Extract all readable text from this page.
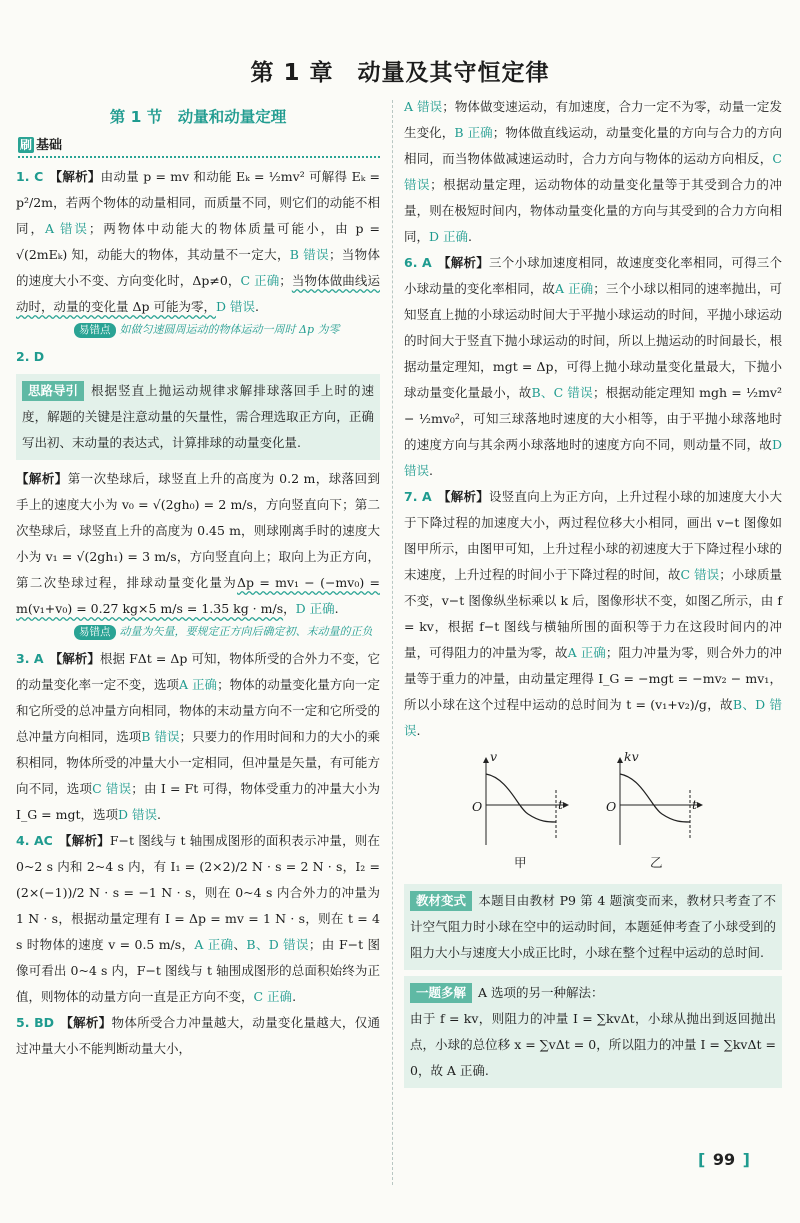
第 1 章　动量及其守恒定律
第 1 节　动量和动量定理
刷 基础

1. C 【解析】由动量 p = mv 和动能 Eₖ = ½mv² 可解得 Eₖ = p²/2m，若两个物体的动量相同，而质量不同，则它们的动能不相同，A 错误；两物体中动能大的物体质量可能小，由 p = √(2mEₖ) 知，动能大的物体，其动量不一定大，B 错误；当物体的速度大小不变、方向变化时，Δp≠0，C 正确；当物体做曲线运动时，动量的变化量 Δp 可能为零，D 错误.

易错点 如做匀速圆周运动的物体运动一周时 Δp 为零

2. D

思路导引 根据竖直上抛运动规律求解排球落回手上时的速度，解题的关键是注意动量的矢量性，需合理选取正方向，正确写出初、末动量的表达式，计算排球的动量变化量.

【解析】第一次垫球后，球竖直上升的高度为 0.2 m，球落回到手上的速度大小为 v₀ = √(2gh₀) = 2 m/s，方向竖直向下；第二次垫球后，球竖直上升的高度为 0.45 m，则球刚离手时的速度大小为 v₁ = √(2gh₁) = 3 m/s，方向竖直向上；取向上为正方向，第二次垫球过程，排球动量变化量为Δp = mv₁ − (−mv₀) = m(v₁+v₀) = 0.27 kg×5 m/s = 1.35 kg · m/s，D 正确.

易错点 动量为矢量，要规定正方向后确定初、末动量的正负

3. A 【解析】根据 FΔt = Δp 可知，物体所受的合外力不变，它的动量变化率一定不变，选项A 正确；物体的动量变化量方向一定和它所受的总冲量方向相同，物体的末动量方向不一定和它所受的总冲量方向相同，选项B 错误；只要力的作用时间和力的大小的乘积相同，物体所受的冲量大小一定相同，但冲量是矢量，有可能方向不同，选项C 错误；由 I = Ft 可得，物体受重力的冲量大小为 I_G = mgt，选项D 错误.

4. AC 【解析】F−t 图线与 t 轴围成图形的面积表示冲量，则在 0~2 s 内和 2~4 s 内，有 I₁ = (2×2)/2 N · s = 2 N · s，I₂ = (2×(−1))/2 N · s = −1 N · s，则在 0~4 s 内合外力的冲量为 1 N · s，根据动量定理有 I = Δp = mv = 1 N · s，则在 t = 4 s 时物体的速度 v = 0.5 m/s，A 正确、B、D 错误；由 F−t 图像可看出 0~4 s 内，F−t 图线与 t 轴围成图形的总面积始终为正值，则物体的动量方向一直是正方向不变，C 正确.

5. BD 【解析】物体所受合力冲量越大，动量变化量越大，仅通过冲量大小不能判断动量大小，

A 错误；物体做变速运动，有加速度，合力一定不为零，动量一定发生变化，B 正确；物体做直线运动，动量变化量的方向与合力的方向相同，而当物体做减速运动时，合力方向与物体的运动方向相反，C 错误；根据动量定理，运动物体的动量变化量等于其受到合力的冲量，则在极短时间内，物体动量变化量的方向与其受到的合力方向相同，D 正确.

6. A 【解析】三个小球加速度相同，故速度变化率相同，可得三个小球动量的变化率相同，故A 正确；三个小球以相同的速率抛出，可知竖直上抛的小球运动时间大于平抛小球运动的时间，平抛小球运动的时间大于竖直下抛小球运动的时间，所以上抛运动的时间最长，根据动量定理知，mgt = Δp，可得上抛小球动量变化量最大，下抛小球动量变化量最小，故B、C 错误；根据动能定理知 mgh = ½mv² − ½mv₀²，可知三球落地时速度的大小相等，由于平抛小球落地时的速度方向与其余两小球落地时的速度方向不同，则动量不同，故D 错误.

7. A 【解析】设竖直向上为正方向，上升过程小球的加速度大小大于下降过程的加速度大小，两过程位移大小相同，画出 v−t 图像如图甲所示，由图甲可知，上升过程小球的初速度大于下降过程小球的末速度，上升过程的时间小于下降过程的时间，故C 错误；小球质量不变，v−t 图像纵坐标乘以 k 后，图像形状不变，如图乙所示，由 f = kv，根据 f−t 图线与横轴所围的面积等于力在这段时间内的冲量，可得阻力的冲量为零，故A 正确；阻力冲量为零，则合外力的冲量等于重力的冲量，由动量定理得 I_G = −mgt = −mv₂ − mv₁，所以小球在这个过程中运动的总时间为 t = (v₁+v₂)/g，故B、D 错误.

v
t
O
甲
kv
t
O
乙
教材变式 本题目由教材 P9 第 4 题演变而来，教材只考查了不计空气阻力时小球在空中的运动时间，本题延伸考查了小球受到的阻力大小与速度大小成正比时，小球在整个过程中运动的总时间.
一题多解 A 选项的另一种解法：
由于 f = kv，则阻力的冲量 I = ∑kvΔt，小球从抛出到返回抛出点，小球的总位移 x = ∑vΔt = 0，所以阻力的冲量 I = ∑kvΔt = 0，故 A 正确.
[ 99 ]
